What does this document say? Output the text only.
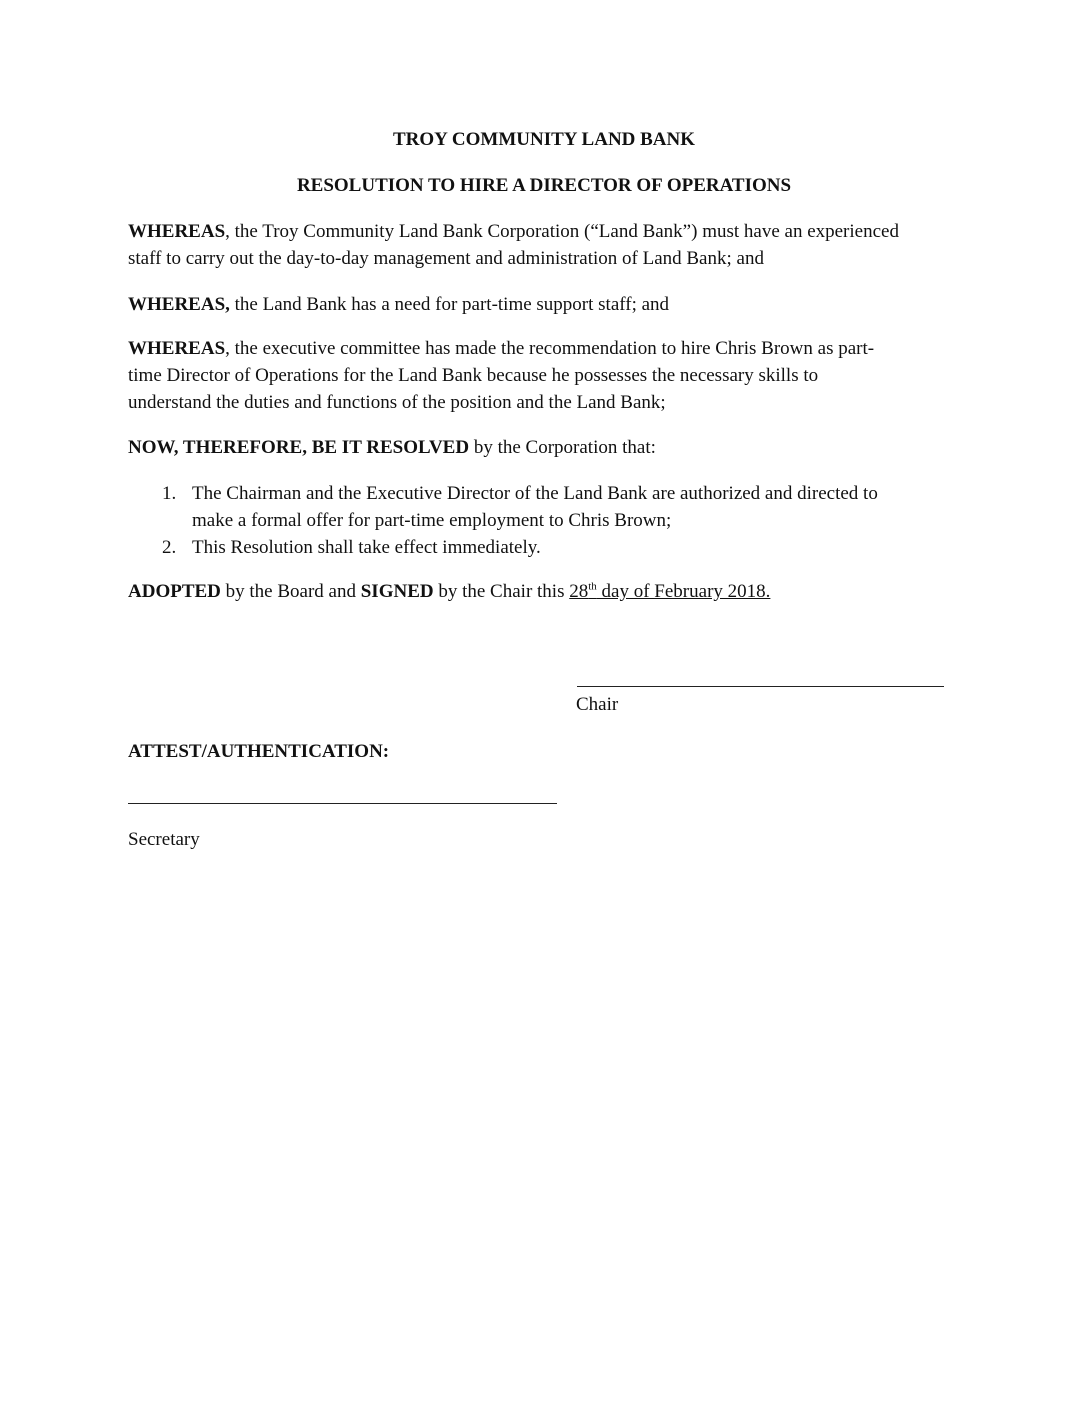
TROY COMMUNITY LAND BANK
RESOLUTION TO HIRE A DIRECTOR OF OPERATIONS
WHEREAS, the Troy Community Land Bank Corporation (“Land Bank”) must have an experienced
staff to carry out the day-to-day management and administration of Land Bank; and
WHEREAS, the Land Bank has a need for part-time support staff; and
WHEREAS, the executive committee has made the recommendation to hire Chris Brown as part-
time Director of Operations for the Land Bank because he possesses the necessary skills to
understand the duties and functions of the position and the Land Bank;
NOW, THEREFORE, BE IT RESOLVED by the Corporation that:
1. The Chairman and the Executive Director of the Land Bank are authorized and directed to
make a formal offer for part-time employment to Chris Brown;
2. This Resolution shall take effect immediately.
ADOPTED by the Board and SIGNED by the Chair this 28th day of February 2018.
Chair
ATTEST/AUTHENTICATION:
Secretary
